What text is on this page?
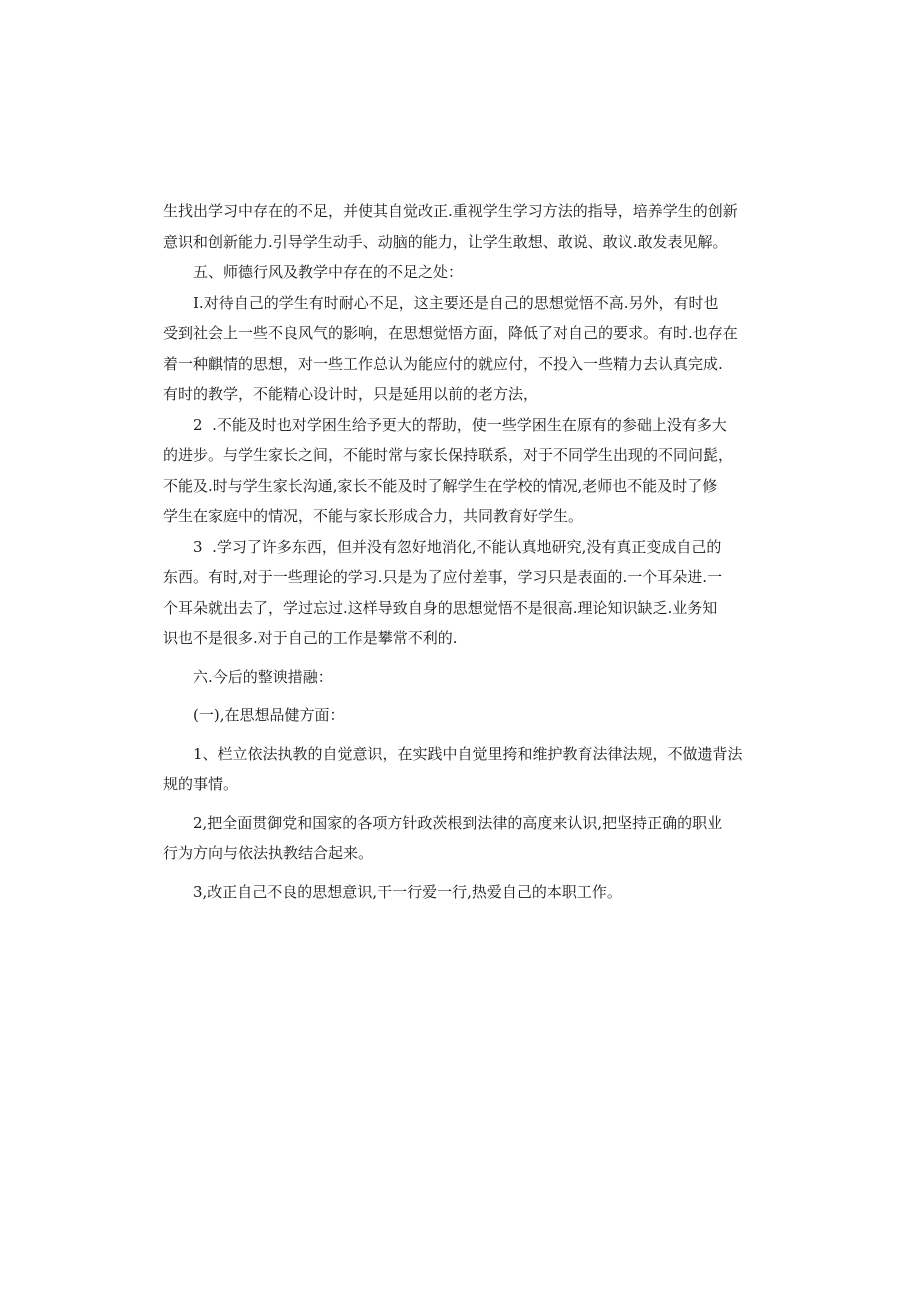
生找出学习中存在的不足，并使其自觉改正.重视学生学习方法的指导，培养学生的创新

意识和创新能力.引导学生动手、动脑的能力，让学生敢想、敢说、敢议.敢发表见解。

五、师德行风及教学中存在的不足之处：

I.对待自己的学生有时耐心不足，这主要还是自己的思想觉悟不高.另外，有时也

受到社会上一些不良风气的影响，在思想觉悟方面，降低了对自己的要求。有时.也存在

着一种麒情的思想，对一些工作总认为能应付的就应付，不投入一些精力去认真完成.

有时的教学，不能精心设计时，只是延用以前的老方法，

2  .不能及时也对学困生给予更大的帮助，使一些学困生在原有的参础上没有多大

的进步。与学生家长之间，不能时常与家长保持联系，对于不同学生出现的不同问髭，

不能及.时与学生家长沟通,家长不能及时了解学生在学校的情况,老师也不能及时了修

学生在家庭中的情况，不能与家长形成合力，共同教育好学生。

3  .学习了许多东西，但并没有忽好地消化,不能认真地研究,没有真正变成自己的

东西。有时,对于一些理论的学习.只是为了应付差事，学习只是表面的.一个耳朵进.一

个耳朵就出去了，学过忘过.这样导致自身的思想觉悟不是很高.理论知识缺乏.业务知

识也不是很多.对于自己的工作是攀常不利的.

六.今后的整谀措融：

(一),在思想品健方面：

1、栏立依法执教的自觉意识，在实践中自觉里挎和维护教育法律法规，不做遗背法

规的事情。

2,把全面贯御党和国家的各项方针政茨根到法律的高度来认识,把坚持正确的职业

行为方向与依法执教结合起来。

3,改正自己不良的思想意识,干一行爱一行,热爱自己的本职工作。
